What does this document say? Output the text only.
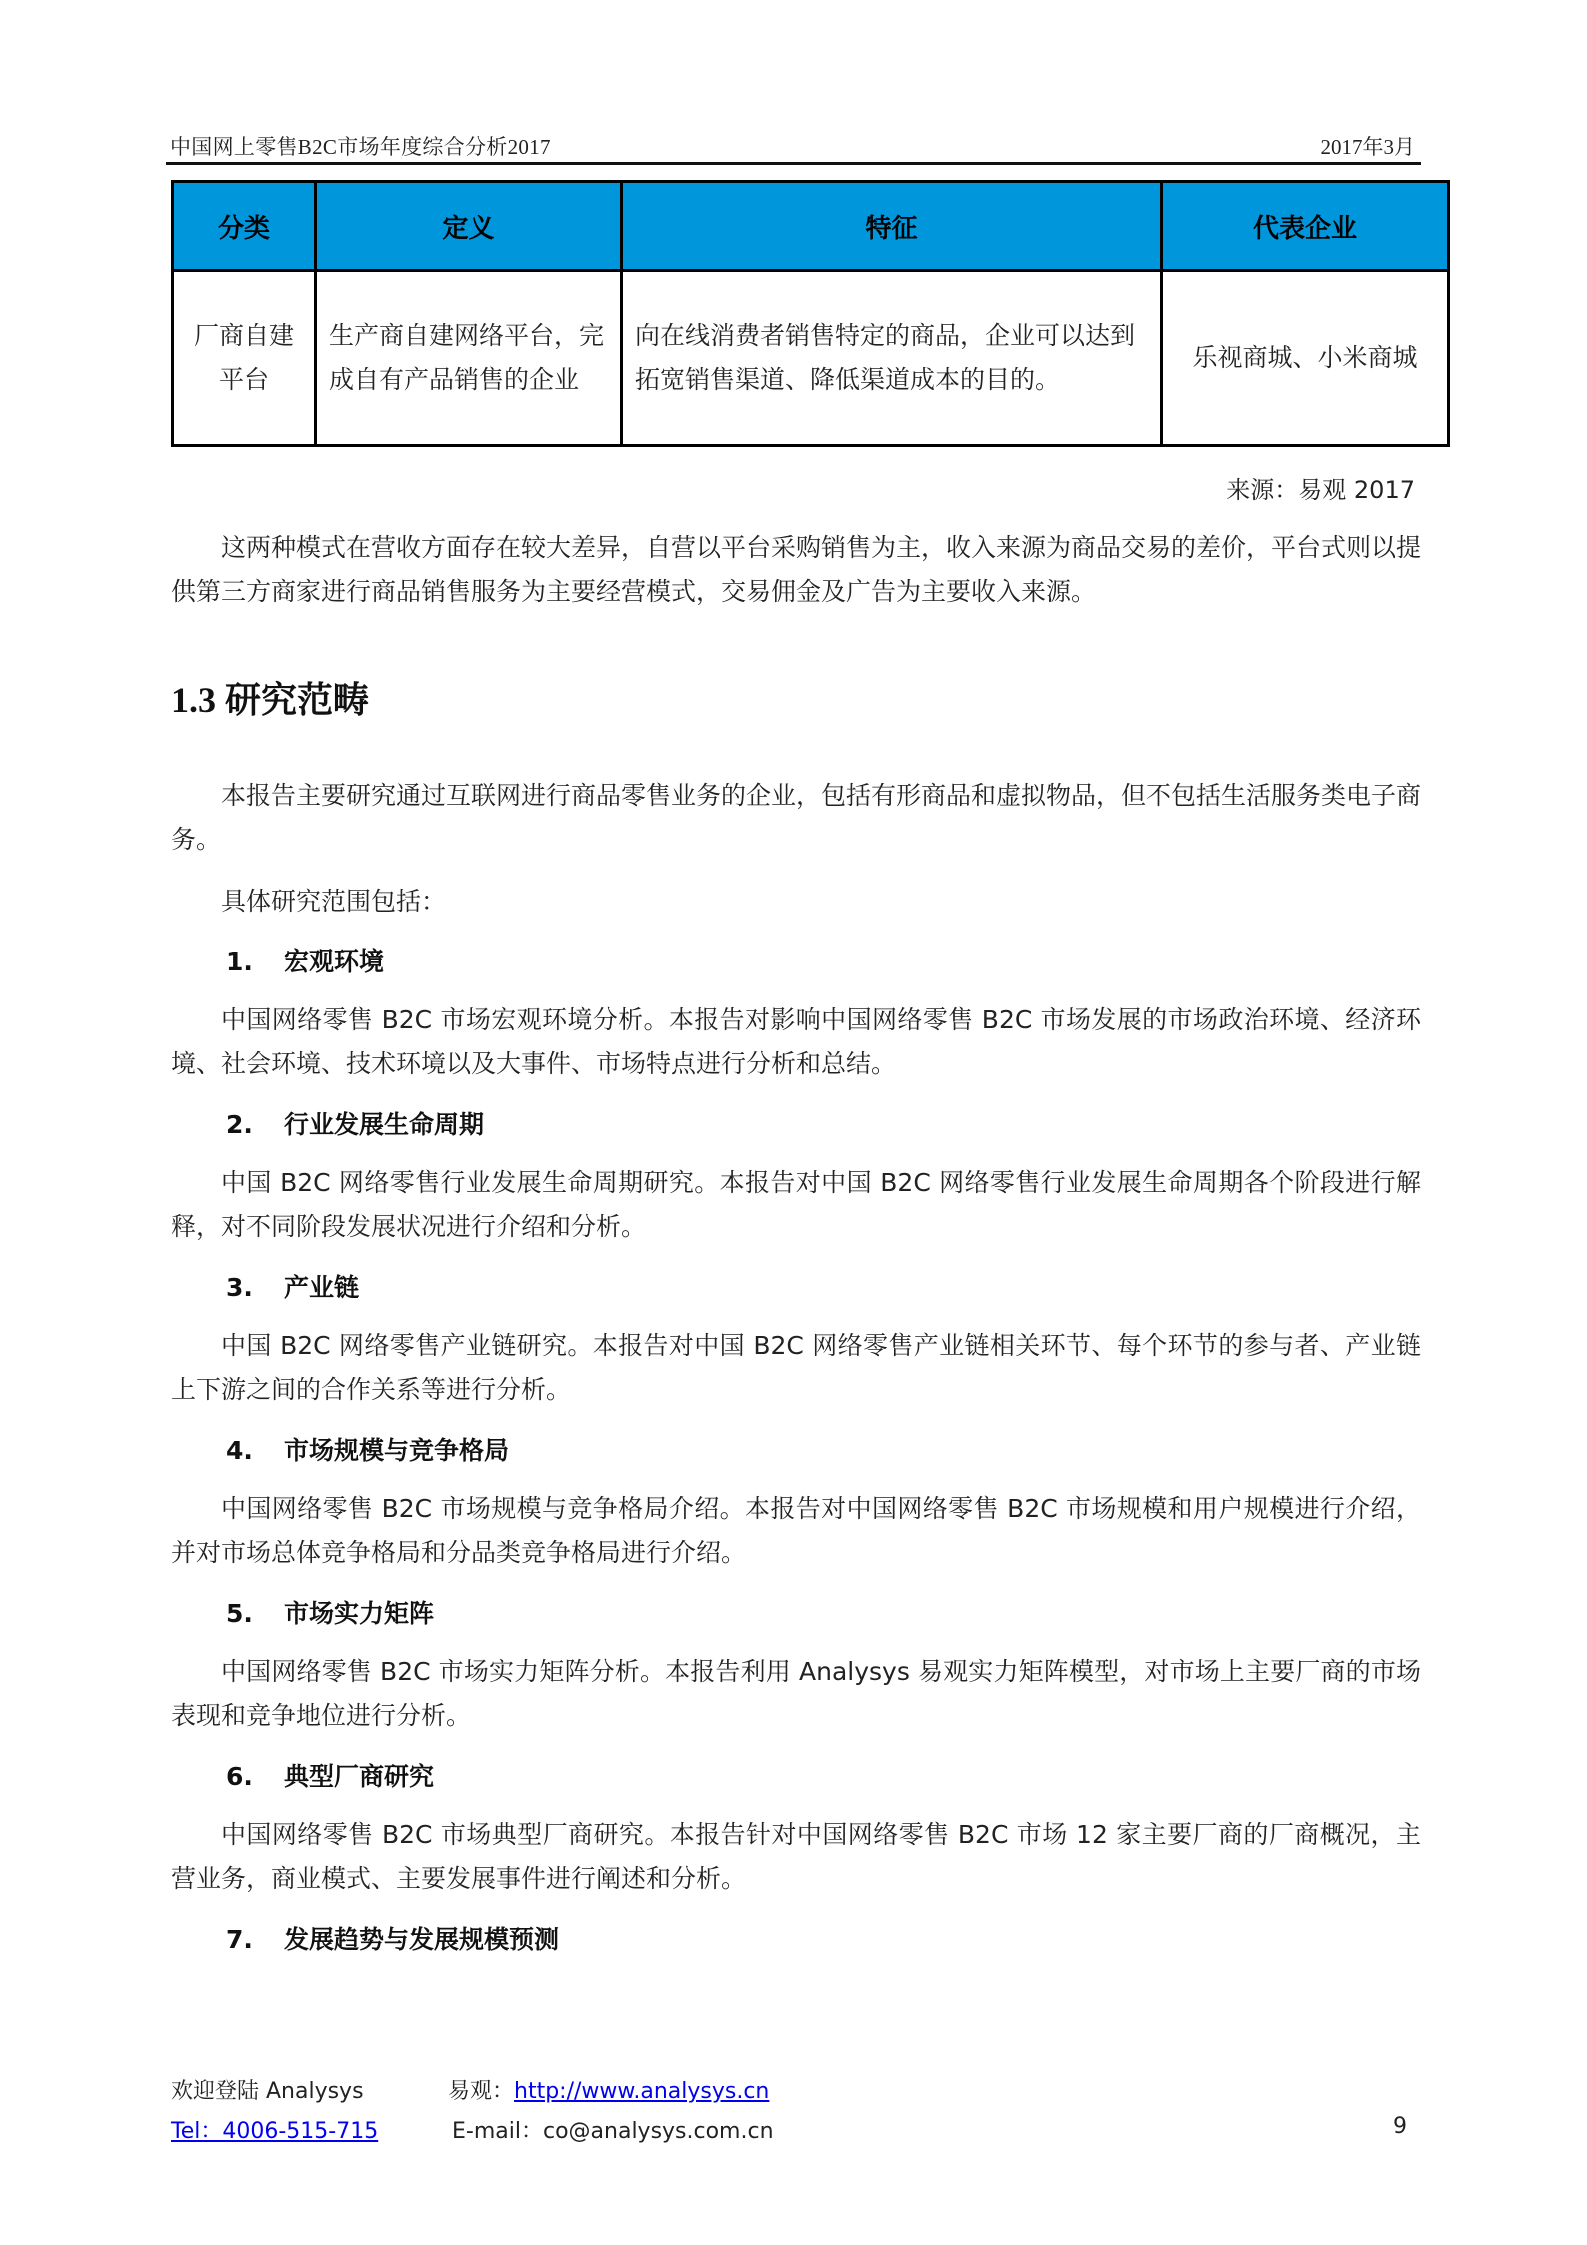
中国网上零售B2C市场年度综合分析2017	2017年3月
分类	定义	特征	代表企业
厂商自建平台	生产商自建网络平台，完成自有产品销售的企业	向在线消费者销售特定的商品，企业可以达到拓宽销售渠道、降低渠道成本的目的。	乐视商城、小米商城
来源：易观 2017

这两种模式在营收方面存在较大差异，自营以平台采购销售为主，收入来源为商品交易的差价，平台式则以提供第三方商家进行商品销售服务为主要经营模式，交易佣金及广告为主要收入来源。

1.3 研究范畴

本报告主要研究通过互联网进行商品零售业务的企业，包括有形商品和虚拟物品，但不包括生活服务类电子商务。

具体研究范围包括：

1. 宏观环境

中国网络零售 B2C 市场宏观环境分析。本报告对影响中国网络零售 B2C 市场发展的市场政治环境、经济环境、社会环境、技术环境以及大事件、市场特点进行分析和总结。

2. 行业发展生命周期

中国 B2C 网络零售行业发展生命周期研究。本报告对中国 B2C 网络零售行业发展生命周期各个阶段进行解释，对不同阶段发展状况进行介绍和分析。

3. 产业链

中国 B2C 网络零售产业链研究。本报告对中国 B2C 网络零售产业链相关环节、每个环节的参与者、产业链上下游之间的合作关系等进行分析。

4. 市场规模与竞争格局

中国网络零售 B2C 市场规模与竞争格局介绍。本报告对中国网络零售 B2C 市场规模和用户规模进行介绍，并对市场总体竞争格局和分品类竞争格局进行介绍。

5. 市场实力矩阵

中国网络零售 B2C 市场实力矩阵分析。本报告利用 Analysys 易观实力矩阵模型，对市场上主要厂商的市场表现和竞争地位进行分析。

6. 典型厂商研究

中国网络零售 B2C 市场典型厂商研究。本报告针对中国网络零售 B2C 市场 12 家主要厂商的厂商概况，主营业务，商业模式、主要发展事件进行阐述和分析。

7. 发展趋势与发展规模预测
欢迎登陆 Analysys	易观：http://www.analysys.cn
Tel：4006-515-715	E-mail：co@analysys.com.cn	9
